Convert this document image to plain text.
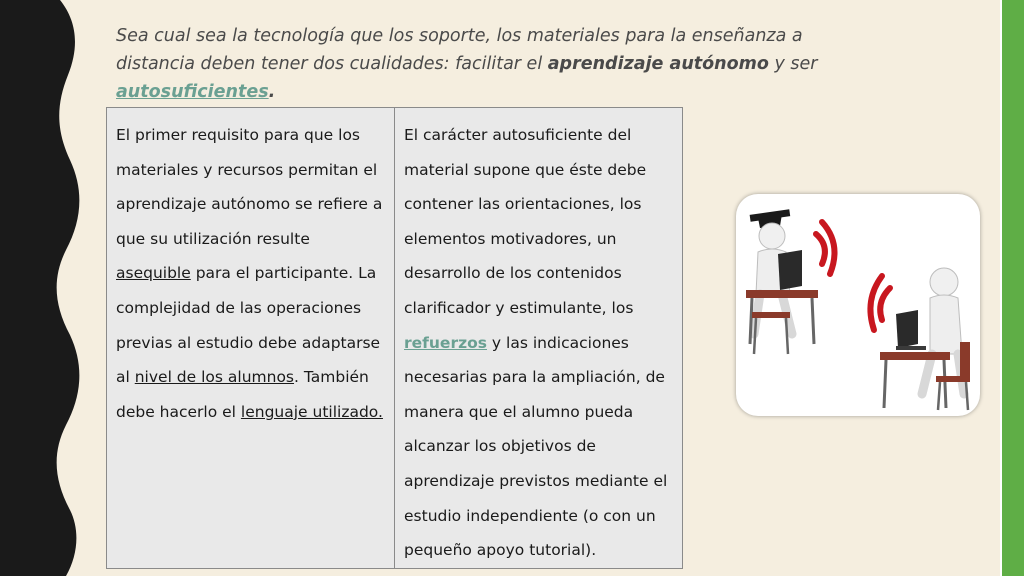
Sea cual sea la tecnología que los soporte, los materiales para la enseñanza a distancia deben tener dos cualidades: facilitar el aprendizaje autónomo y ser autosuficientes.
El primer requisito para que los materiales y recursos permitan el aprendizaje autónomo se refiere a que su utilización resulte asequible para el participante. La complejidad de las operaciones previas al estudio debe adaptarse al nivel de los alumnos. También debe hacerlo el lenguaje utilizado.	El carácter autosuficiente del material supone que éste debe contener las orientaciones, los elementos motivadores, un desarrollo de los contenidos clarificador y estimulante, los refuerzos y las indicaciones necesarias para la ampliación, de manera que el alumno pueda alcanzar los objetivos de aprendizaje previstos mediante el estudio independiente (o con un pequeño apoyo tutorial).
